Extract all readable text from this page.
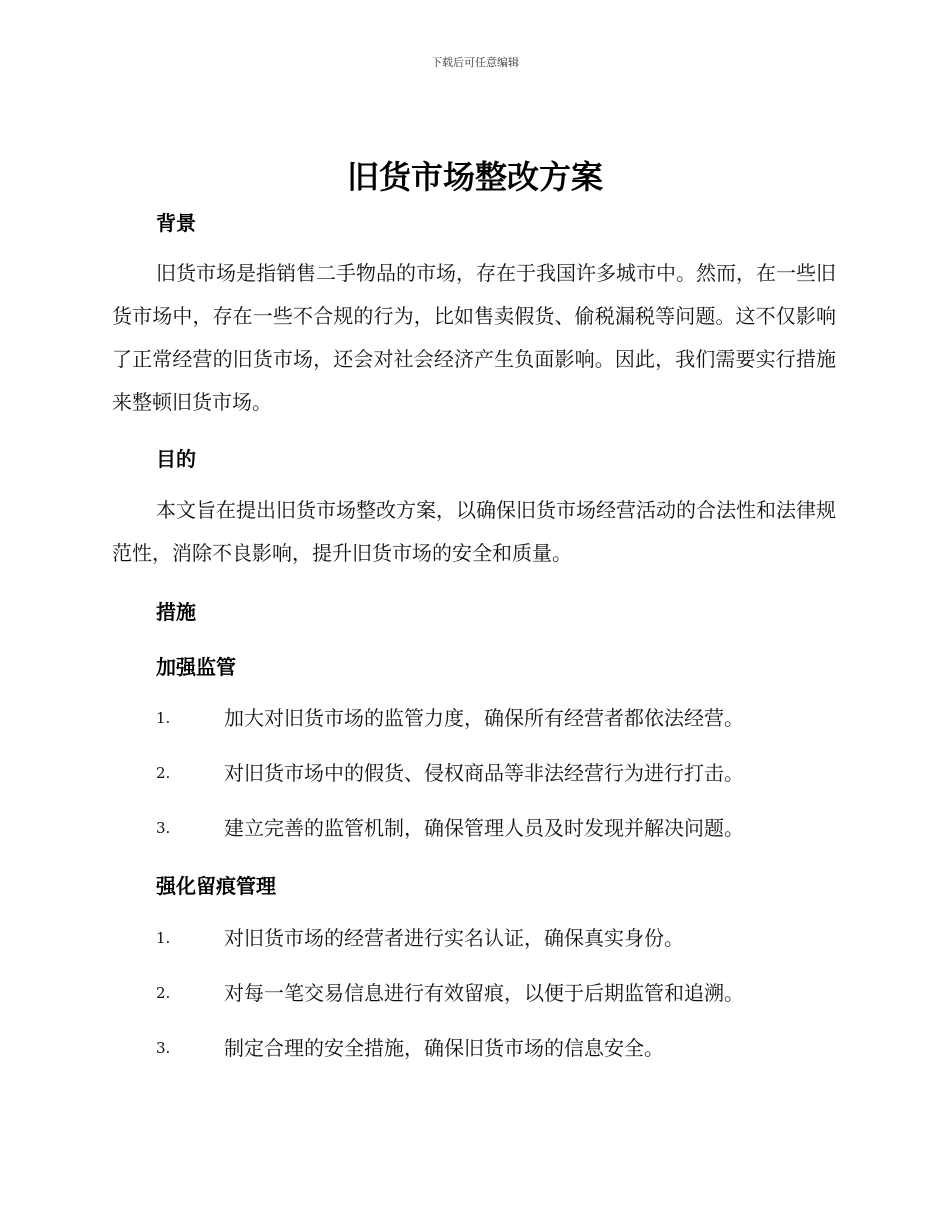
下载后可任意编辑
旧货市场整改方案
背景

旧货市场是指销售二手物品的市场，存在于我国许多城市中。然而，在一些旧货市场中，存在一些不合规的行为，比如售卖假货、偷税漏税等问题。这不仅影响了正常经营的旧货市场，还会对社会经济产生负面影响。因此，我们需要实行措施来整顿旧货市场。

目的

本文旨在提出旧货市场整改方案，以确保旧货市场经营活动的合法性和法律规范性，消除不良影响，提升旧货市场的安全和质量。

措施
加强监管
1.	加大对旧货市场的监管力度，确保所有经营者都依法经营。
2.	对旧货市场中的假货、侵权商品等非法经营行为进行打击。
3.	建立完善的监管机制，确保管理人员及时发现并解决问题。
强化留痕管理
1.	对旧货市场的经营者进行实名认证，确保真实身份。
2.	对每一笔交易信息进行有效留痕，以便于后期监管和追溯。
3.	制定合理的安全措施，确保旧货市场的信息安全。
